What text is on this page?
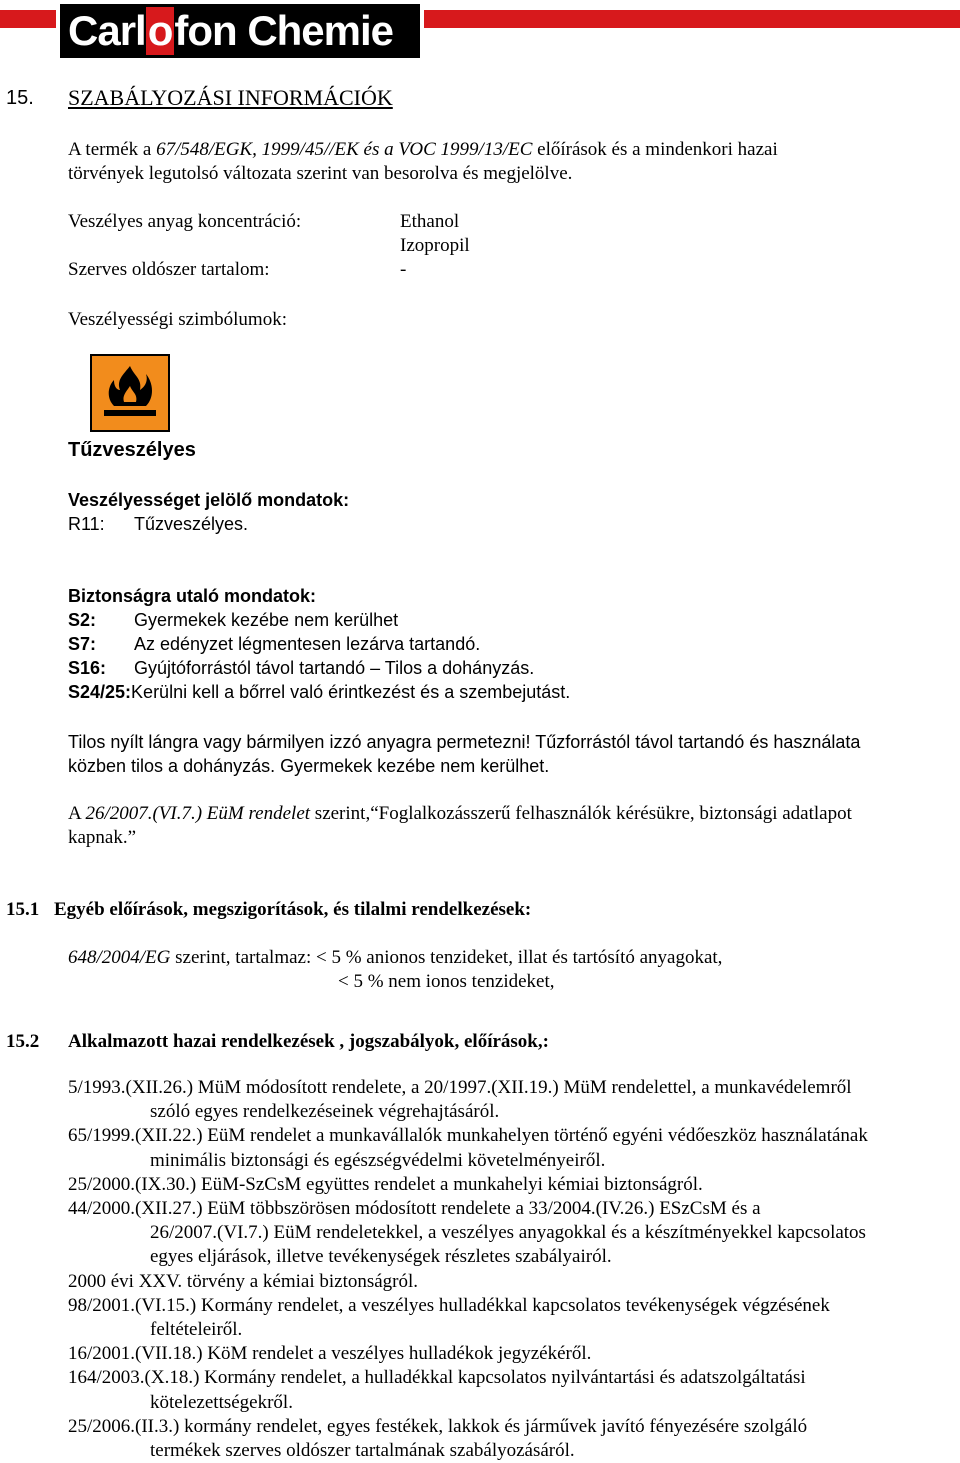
Carlofon Chemie
15. SZABÁLYOZÁSI INFORMÁCIÓK
A termék a 67/548/EGK, 1999/45//EK és a VOC 1999/13/EC előírások és a mindenkori hazai
törvények legutolsó változata szerint van besorolva és megjelölve.
Veszélyes anyag koncentráció:	Ethanol
Izopropil
Szerves oldószer tartalom:	-
Veszélyességi szimbólumok:
Tűzveszélyes
Veszélyességet jelölő mondatok:
R11: Tűzveszélyes.
Biztonságra utaló mondatok:
S2: Gyermekek kezébe nem kerülhet
S7: Az edényzet légmentesen lezárva tartandó.
S16: Gyújtóforrástól távol tartandó – Tilos a dohányzás.
S24/25:Kerülni kell a bőrrel való érintkezést és a szembejutást.
Tilos nyílt lángra vagy bármilyen izzó anyagra permetezni! Tűzforrástól távol tartandó és használata
közben tilos a dohányzás. Gyermekek kezébe nem kerülhet.
A 26/2007.(VI.7.) EüM rendelet szerint,“Foglalkozásszerű felhasználók kérésükre, biztonsági adatlapot
kapnak.”
15.1 Egyéb előírások, megszigorítások, és tilalmi rendelkezések:
648/2004/EG szerint, tartalmaz: < 5 % anionos tenzideket, illat és tartósító anyagokat,
< 5 % nem ionos tenzideket,
15.2 Alkalmazott hazai rendelkezések , jogszabályok, előírások,:
5/1993.(XII.26.) MüM módosított rendelete, a 20/1997.(XII.19.) MüM rendelettel, a munkavédelemről
szóló egyes rendelkezéseinek végrehajtásáról.
65/1999.(XII.22.) EüM rendelet a munkavállalók munkahelyen történő egyéni védőeszköz használatának
minimális biztonsági és egészségvédelmi követelményeiről.
25/2000.(IX.30.) EüM-SzCsM együttes rendelet a munkahelyi kémiai biztonságról.
44/2000.(XII.27.) EüM többszörösen módosított rendelete a 33/2004.(IV.26.) ESzCsM és a
26/2007.(VI.7.) EüM rendeletekkel, a veszélyes anyagokkal és a készítményekkel kapcsolatos
egyes eljárások, illetve tevékenységek részletes szabályairól.
2000 évi XXV. törvény a kémiai biztonságról.
98/2001.(VI.15.) Kormány rendelet, a veszélyes hulladékkal kapcsolatos tevékenységek végzésének
feltételeiről.
16/2001.(VII.18.) KöM rendelet a veszélyes hulladékok jegyzékéről.
164/2003.(X.18.) Kormány rendelet, a hulladékkal kapcsolatos nyilvántartási és adatszolgáltatási
kötelezettségekről.
25/2006.(II.3.) kormány rendelet, egyes festékek, lakkok és járművek javító fényezésére szolgáló
termékek szerves oldószer tartalmának szabályozásáról.
